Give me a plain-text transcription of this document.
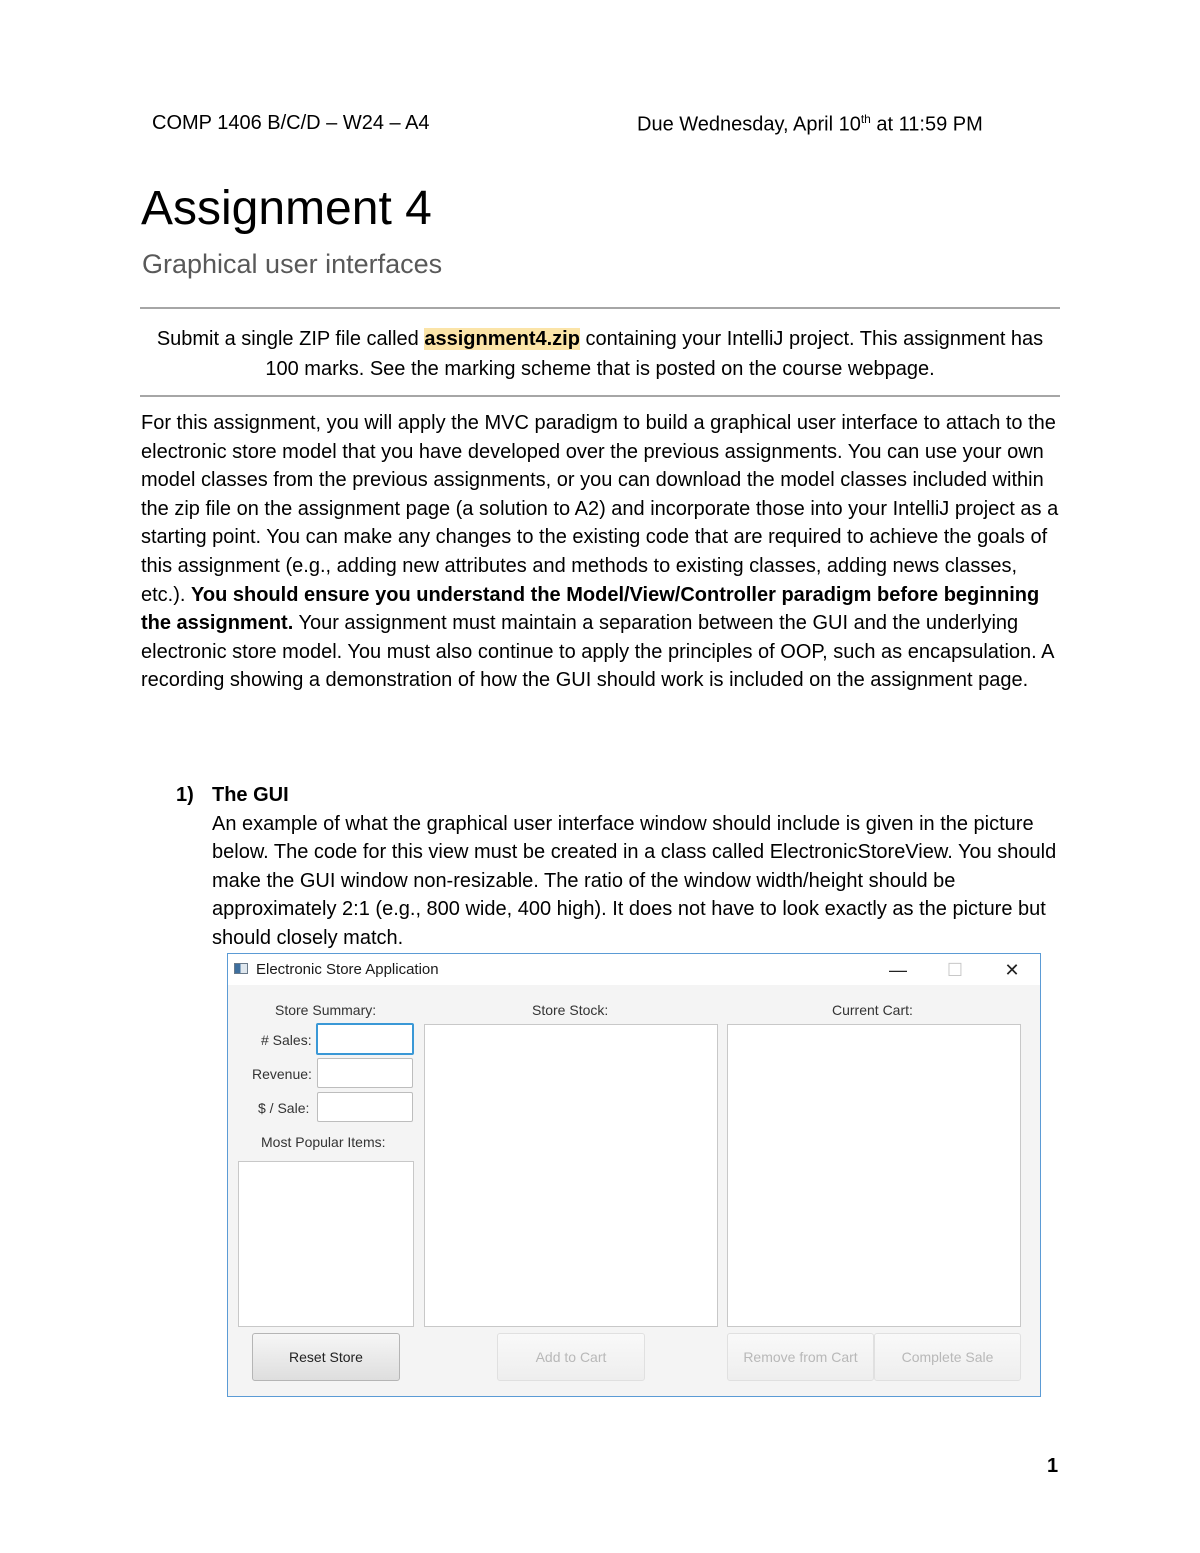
COMP 1406 B/C/D – W24 – A4	Due Wednesday, April 10th at 11:59 PM
Assignment 4
Graphical user interfaces
Submit a single ZIP file called assignment4.zip containing your IntelliJ project. This assignment has 100 marks. See the marking scheme that is posted on the course webpage.
For this assignment, you will apply the MVC paradigm to build a graphical user interface to attach to the electronic store model that you have developed over the previous assignments. You can use your own model classes from the previous assignments, or you can download the model classes included within the zip file on the assignment page (a solution to A2) and incorporate those into your IntelliJ project as a starting point. You can make any changes to the existing code that are required to achieve the goals of this assignment (e.g., adding new attributes and methods to existing classes, adding news classes, etc.). You should ensure you understand the Model/View/Controller paradigm before beginning the assignment. Your assignment must maintain a separation between the GUI and the underlying electronic store model. You must also continue to apply the principles of OOP, such as encapsulation. A recording showing a demonstration of how the GUI should work is included on the assignment page.
1) The GUI
An example of what the graphical user interface window should include is given in the picture below. The code for this view must be created in a class called ElectronicStoreView. You should make the GUI window non-resizable. The ratio of the window width/height should be approximately 2:1 (e.g., 800 wide, 400 high). It does not have to look exactly as the picture but should closely match.
Electronic Store Application	—	☐	✕
Store Summary:
# Sales:
Revenue:
$ / Sale:
Most Popular Items:
Store Stock:	Current Cart:
Reset Store	Add to Cart	Remove from Cart	Complete Sale
1
